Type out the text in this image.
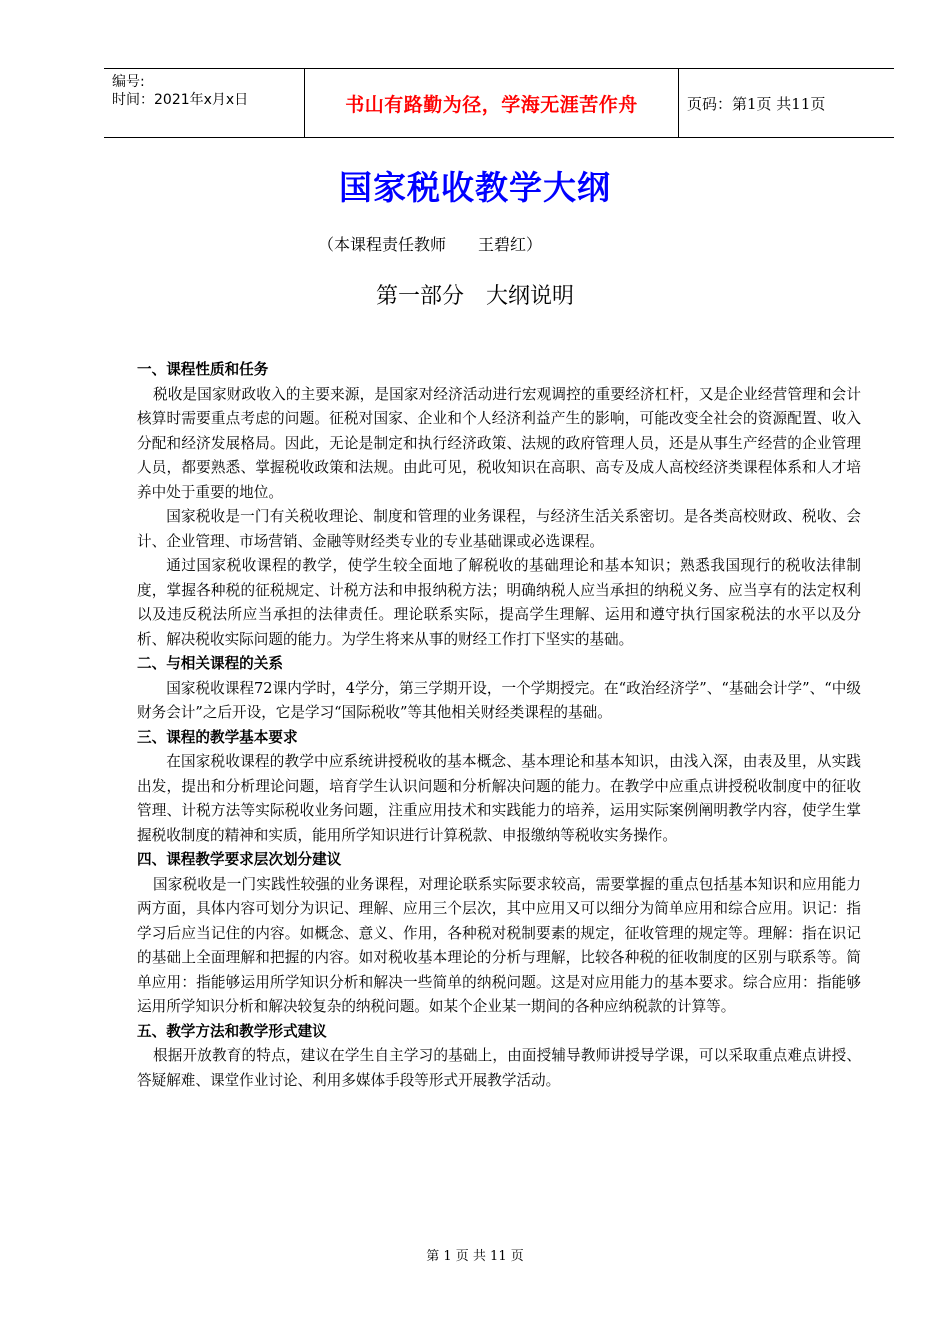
编号:
时间：2021年x月x日	书山有路勤为径，学海无涯苦作舟	页码：第1页 共11页
国家税收教学大纲
（本课程责任教师　　王碧红）
第一部分　大纲说明
一、课程性质和任务

税收是国家财政收入的主要来源，是国家对经济活动进行宏观调控的重要经济杠杆，又是企业经营管理和会计核算时需要重点考虑的问题。征税对国家、企业和个人经济利益产生的影响，可能改变全社会的资源配置、收入分配和经济发展格局。因此，无论是制定和执行经济政策、法规的政府管理人员，还是从事生产经营的企业管理人员，都要熟悉、掌握税收政策和法规。由此可见，税收知识在高职、高专及成人高校经济类课程体系和人才培养中处于重要的地位。

国家税收是一门有关税收理论、制度和管理的业务课程，与经济生活关系密切。是各类高校财政、税收、会计、企业管理、市场营销、金融等财经类专业的专业基础课或必选课程。

通过国家税收课程的教学，使学生较全面地了解税收的基础理论和基本知识；熟悉我国现行的税收法律制度，掌握各种税的征税规定、计税方法和申报纳税方法；明确纳税人应当承担的纳税义务、应当享有的法定权利以及违反税法所应当承担的法律责任。理论联系实际，提高学生理解、运用和遵守执行国家税法的水平以及分析、解决税收实际问题的能力。为学生将来从事的财经工作打下坚实的基础。

二、与相关课程的关系

国家税收课程72课内学时，4学分，第三学期开设，一个学期授完。在“政治经济学”、“基础会计学”、“中级财务会计”之后开设，它是学习“国际税收”等其他相关财经类课程的基础。

三、课程的教学基本要求

在国家税收课程的教学中应系统讲授税收的基本概念、基本理论和基本知识，由浅入深，由表及里，从实践出发，提出和分析理论问题，培育学生认识问题和分析解决问题的能力。在教学中应重点讲授税收制度中的征收管理、计税方法等实际税收业务问题，注重应用技术和实践能力的培养，运用实际案例阐明教学内容，使学生掌握税收制度的精神和实质，能用所学知识进行计算税款、申报缴纳等税收实务操作。

四、课程教学要求层次划分建议

国家税收是一门实践性较强的业务课程，对理论联系实际要求较高，需要掌握的重点包括基本知识和应用能力两方面，具体内容可划分为识记、理解、应用三个层次，其中应用又可以细分为简单应用和综合应用。识记：指学习后应当记住的内容。如概念、意义、作用，各种税对税制要素的规定，征收管理的规定等。理解：指在识记的基础上全面理解和把握的内容。如对税收基本理论的分析与理解，比较各种税的征收制度的区别与联系等。简单应用：指能够运用所学知识分析和解决一些简单的纳税问题。这是对应用能力的基本要求。综合应用：指能够运用所学知识分析和解决较复杂的纳税问题。如某个企业某一期间的各种应纳税款的计算等。

五、教学方法和教学形式建议

根据开放教育的特点，建议在学生自主学习的基础上，由面授辅导教师讲授导学课，可以采取重点难点讲授、答疑解难、课堂作业讨论、利用多媒体手段等形式开展教学活动。

第 1 页 共 11 页
